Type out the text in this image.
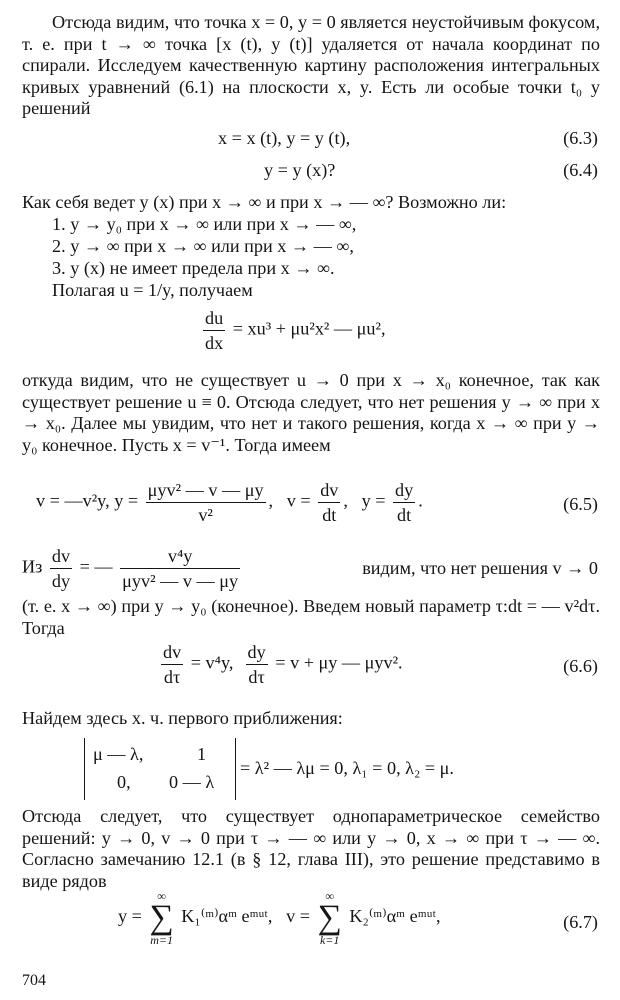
Отсюда видим, что точка x = 0, y = 0 является неустойчивым фокусом, т. е. при t → ∞ точка [x (t), y (t)] удаляется от начала координат по спирали. Исследуем качественную картину расположения интегральных кривых уравнений (6.1) на плоскости x, y. Есть ли особые точки t₀ у решений

x = x (t), y = y (t),	(6.3)
y = y (x)?	(6.4)

Как себя ведет y (x) при x → ∞ и при x → — ∞? Возможно ли:

1. y → y₀ при x → ∞ или при x → — ∞,
2. y → ∞ при x → ∞ или при x → — ∞,
3. y (x) не имеет предела при x → ∞.

Полагая u = 1/y, получаем

$\frac{du}{dx} = xu^3 + \mu u^2x^2$ — μu²,

откуда видим, что не существует u → 0 при x → x₀ конечное, так как существует решение u ≡ 0. Отсюда следует, что нет решения y → ∞ при x → x₀. Далее мы увидим, что нет и такого решения, когда x → ∞ при y → y₀ конечное. Пусть x = v⁻¹. Тогда имеем

v = —v²y, $y = \frac{\text{μyv² — v — μy}}{\text{v²}}$ , $v = \frac{dv}{dt}$ , $y = \frac{dy}{dt}$ .	(6.5)
Из $\frac{dv}{dy}$ = — $\frac{\text{v⁴y}}{\text{μyv² — v — μy}}$	видим, что нет решения v → 0

(т. е. x → ∞) при y → y₀ (конечное). Введем новый параметр τ:dt = — v²dτ. Тогда

$\frac{dv}{d\tau} = v^4y$, $\frac{dy}{d\tau} = v + \mu y$ — μyv².	(6.6)

Найдем здесь х. ч. первого приближения:

μ — λ,	1
0, 0 — λ
= λ² — λμ = 0, λ₁ = 0, λ₂ = μ.

Отсюда следует, что существует однопараметрическое семейство решений: y → 0, v → 0 при τ → — ∞ или y → 0, x → ∞ при τ → — ∞. Согласно замечанию 12.1 (в § 12, глава III), это решение представимо в виде рядов

y =
∞
∑
m=1
K₁⁽ᵐ⁾αᵐ eᵐᵘᵗ, v =
∞
∑
k=1
K₂⁽ᵐ⁾αᵐ eᵐᵘᵗ,	(6.7)
704
